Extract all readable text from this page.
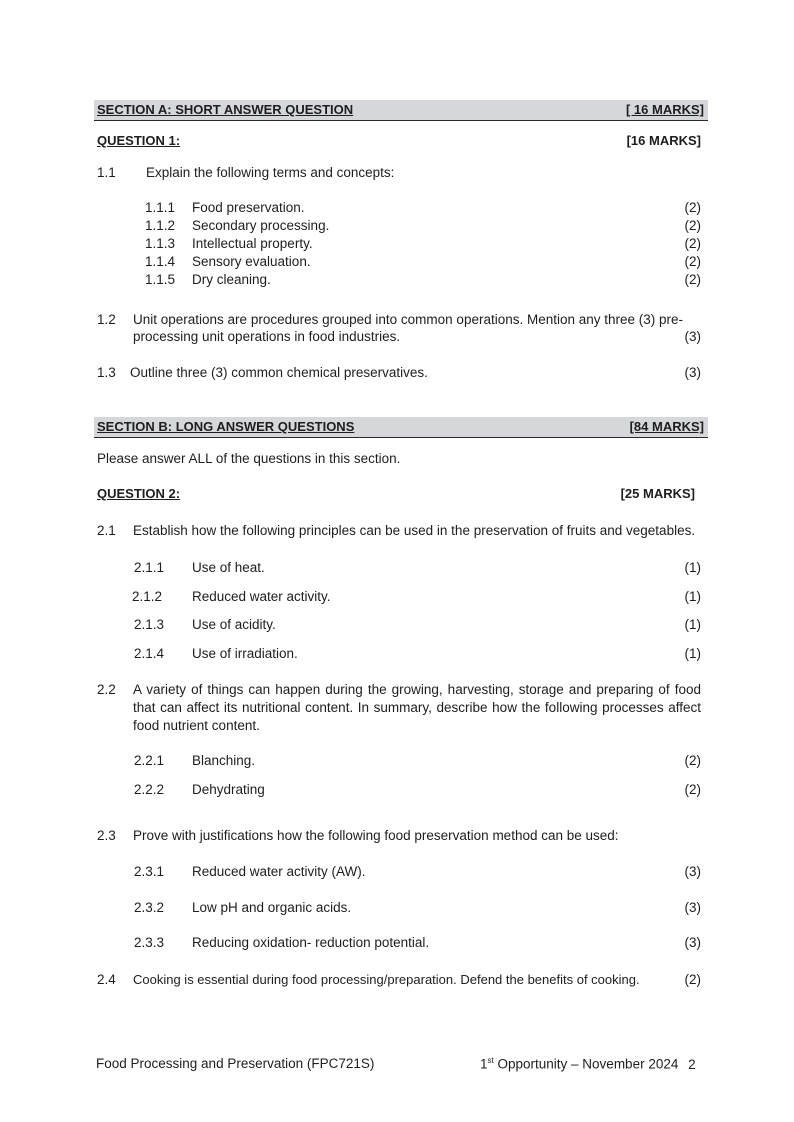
SECTION A: SHORT ANSWER QUESTION	[ 16 MARKS]
QUESTION 1:	[16 MARKS]
1.1 Explain the following terms and concepts:
1.1.1 Food preservation.	(2)
1.1.2 Secondary processing.	(2)
1.1.3 Intellectual property.	(2)
1.1.4 Sensory evaluation.	(2)
1.1.5 Dry cleaning.	(2)
1.2 Unit operations are procedures grouped into common operations. Mention any three (3) pre-
processing unit operations in food industries.	(3)
1.3 Outline three (3) common chemical preservatives.	(3)
SECTION B: LONG ANSWER QUESTIONS	[84 MARKS]
Please answer ALL of the questions in this section.
QUESTION 2:	[25 MARKS]
2.1 Establish how the following principles can be used in the preservation of fruits and vegetables.
2.1.1 Use of heat.	(1)
2.1.2 Reduced water activity.	(1)
2.1.3 Use of acidity.	(1)
2.1.4 Use of irradiation.	(1)
2.2 A variety of things can happen during the growing, harvesting, storage and preparing of food that can affect its nutritional content. In summary, describe how the following processes affect food nutrient content.
2.2.1 Blanching.	(2)
2.2.2 Dehydrating	(2)
2.3 Prove with justifications how the following food preservation method can be used:
2.3.1 Reduced water activity (AW).	(3)
2.3.2 Low pH and organic acids.	(3)
2.3.3 Reducing oxidation- reduction potential.	(3)
2.4 Cooking is essential during food processing/preparation. Defend the benefits of cooking.	(2)
Food Processing and Preservation (FPC721S)	1st Opportunity – November 2024 2
